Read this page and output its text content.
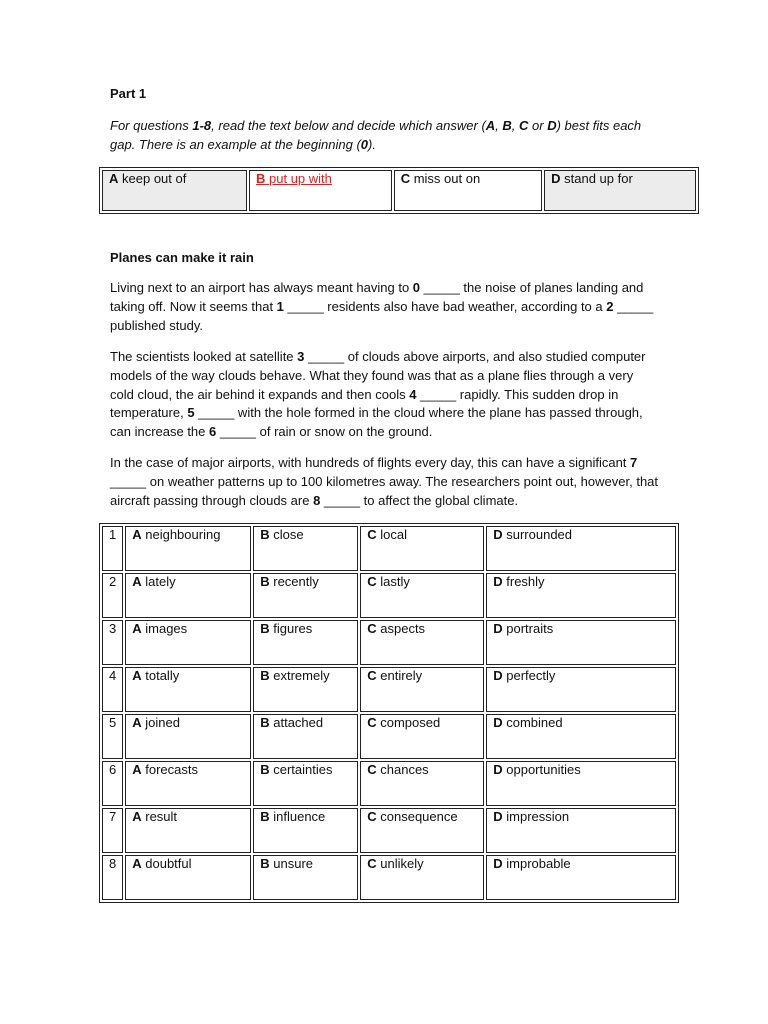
Part 1
For questions 1-8, read the text below and decide which answer (A, B, C or D) best fits each gap. There is an example at the beginning (0).
A keep out of	B put up with	C miss out on	D stand up for
Planes can make it rain
Living next to an airport has always meant having to 0 _____ the noise of planes landing and taking off. Now it seems that 1 _____ residents also have bad weather, according to a 2 _____ published study.
The scientists looked at satellite 3 _____ of clouds above airports, and also studied computer models of the way clouds behave. What they found was that as a plane flies through a very cold cloud, the air behind it expands and then cools 4 _____ rapidly. This sudden drop in temperature, 5 _____ with the hole formed in the cloud where the plane has passed through, can increase the 6 _____ of rain or snow on the ground.
In the case of major airports, with hundreds of flights every day, this can have a significant 7 _____ on weather patterns up to 100 kilometres away. The researchers point out, however, that aircraft passing through clouds are 8 _____ to affect the global climate.
1	A neighbouring	B close	C local	D surrounded
2	A lately	B recently	C lastly	D freshly
3	A images	B figures	C aspects	D portraits
4	A totally	B extremely	C entirely	D perfectly
5	A joined	B attached	C composed	D combined
6	A forecasts	B certainties	C chances	D opportunities
7	A result	B influence	C consequence	D impression
8	A doubtful	B unsure	C unlikely	D improbable
